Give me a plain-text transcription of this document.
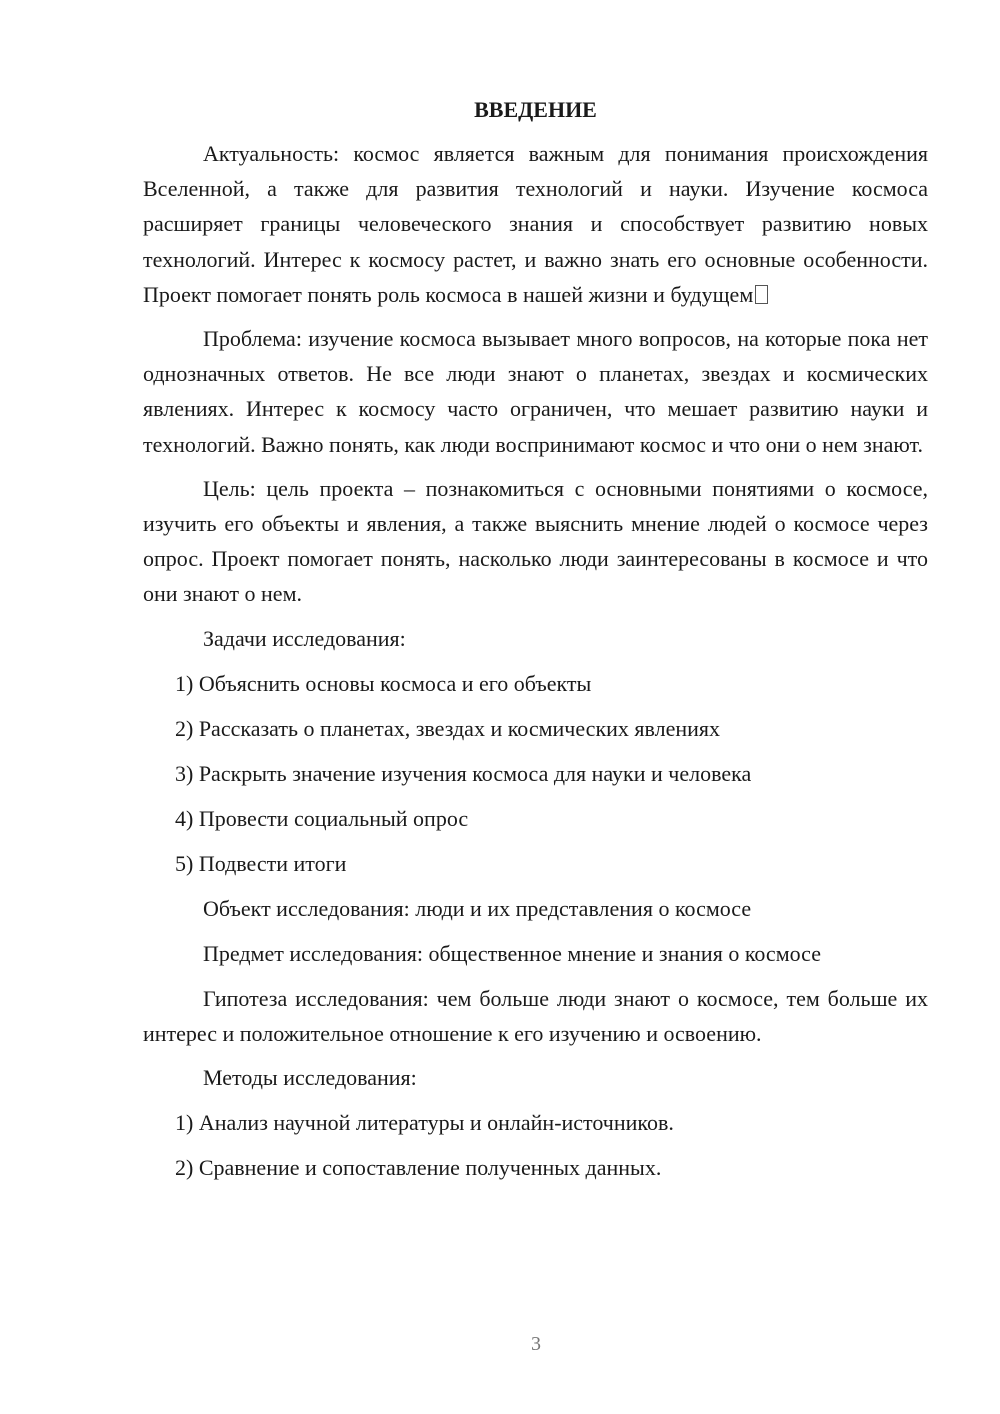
ВВЕДЕНИЕ

Актуальность: космос является важным для понимания происхождения Вселенной, а также для развития технологий и науки. Изучение космоса расширяет границы человеческого знания и способствует развитию новых технологий. Интерес к космосу растет, и важно знать его основные особенности. Проект помогает понять роль космоса в нашей жизни и будущем

Проблема: изучение космоса вызывает много вопросов, на которые пока нет однозначных ответов. Не все люди знают о планетах, звездах и космических явлениях. Интерес к космосу часто ограничен, что мешает развитию науки и технологий. Важно понять, как люди воспринимают космос и что они о нем знают.

Цель: цель проекта – познакомиться с основными понятиями о космосе, изучить его объекты и явления, а также выяснить мнение людей о космосе через опрос. Проект помогает понять, насколько люди заинтересованы в космосе и что они знают о нем.

Задачи исследования:

1) Объяснить основы космоса и его объекты

2) Рассказать о планетах, звездах и космических явлениях

3) Раскрыть значение изучения космоса для науки и человека

4) Провести социальный опрос

5) Подвести итоги

Объект исследования: люди и их представления о космосе

Предмет исследования: общественное мнение и знания о космосе

Гипотеза исследования: чем больше люди знают о космосе, тем больше их интерес и положительное отношение к его изучению и освоению.

Методы исследования:

1) Анализ научной литературы и онлайн-источников.

2) Сравнение и сопоставление полученных данных.

3
